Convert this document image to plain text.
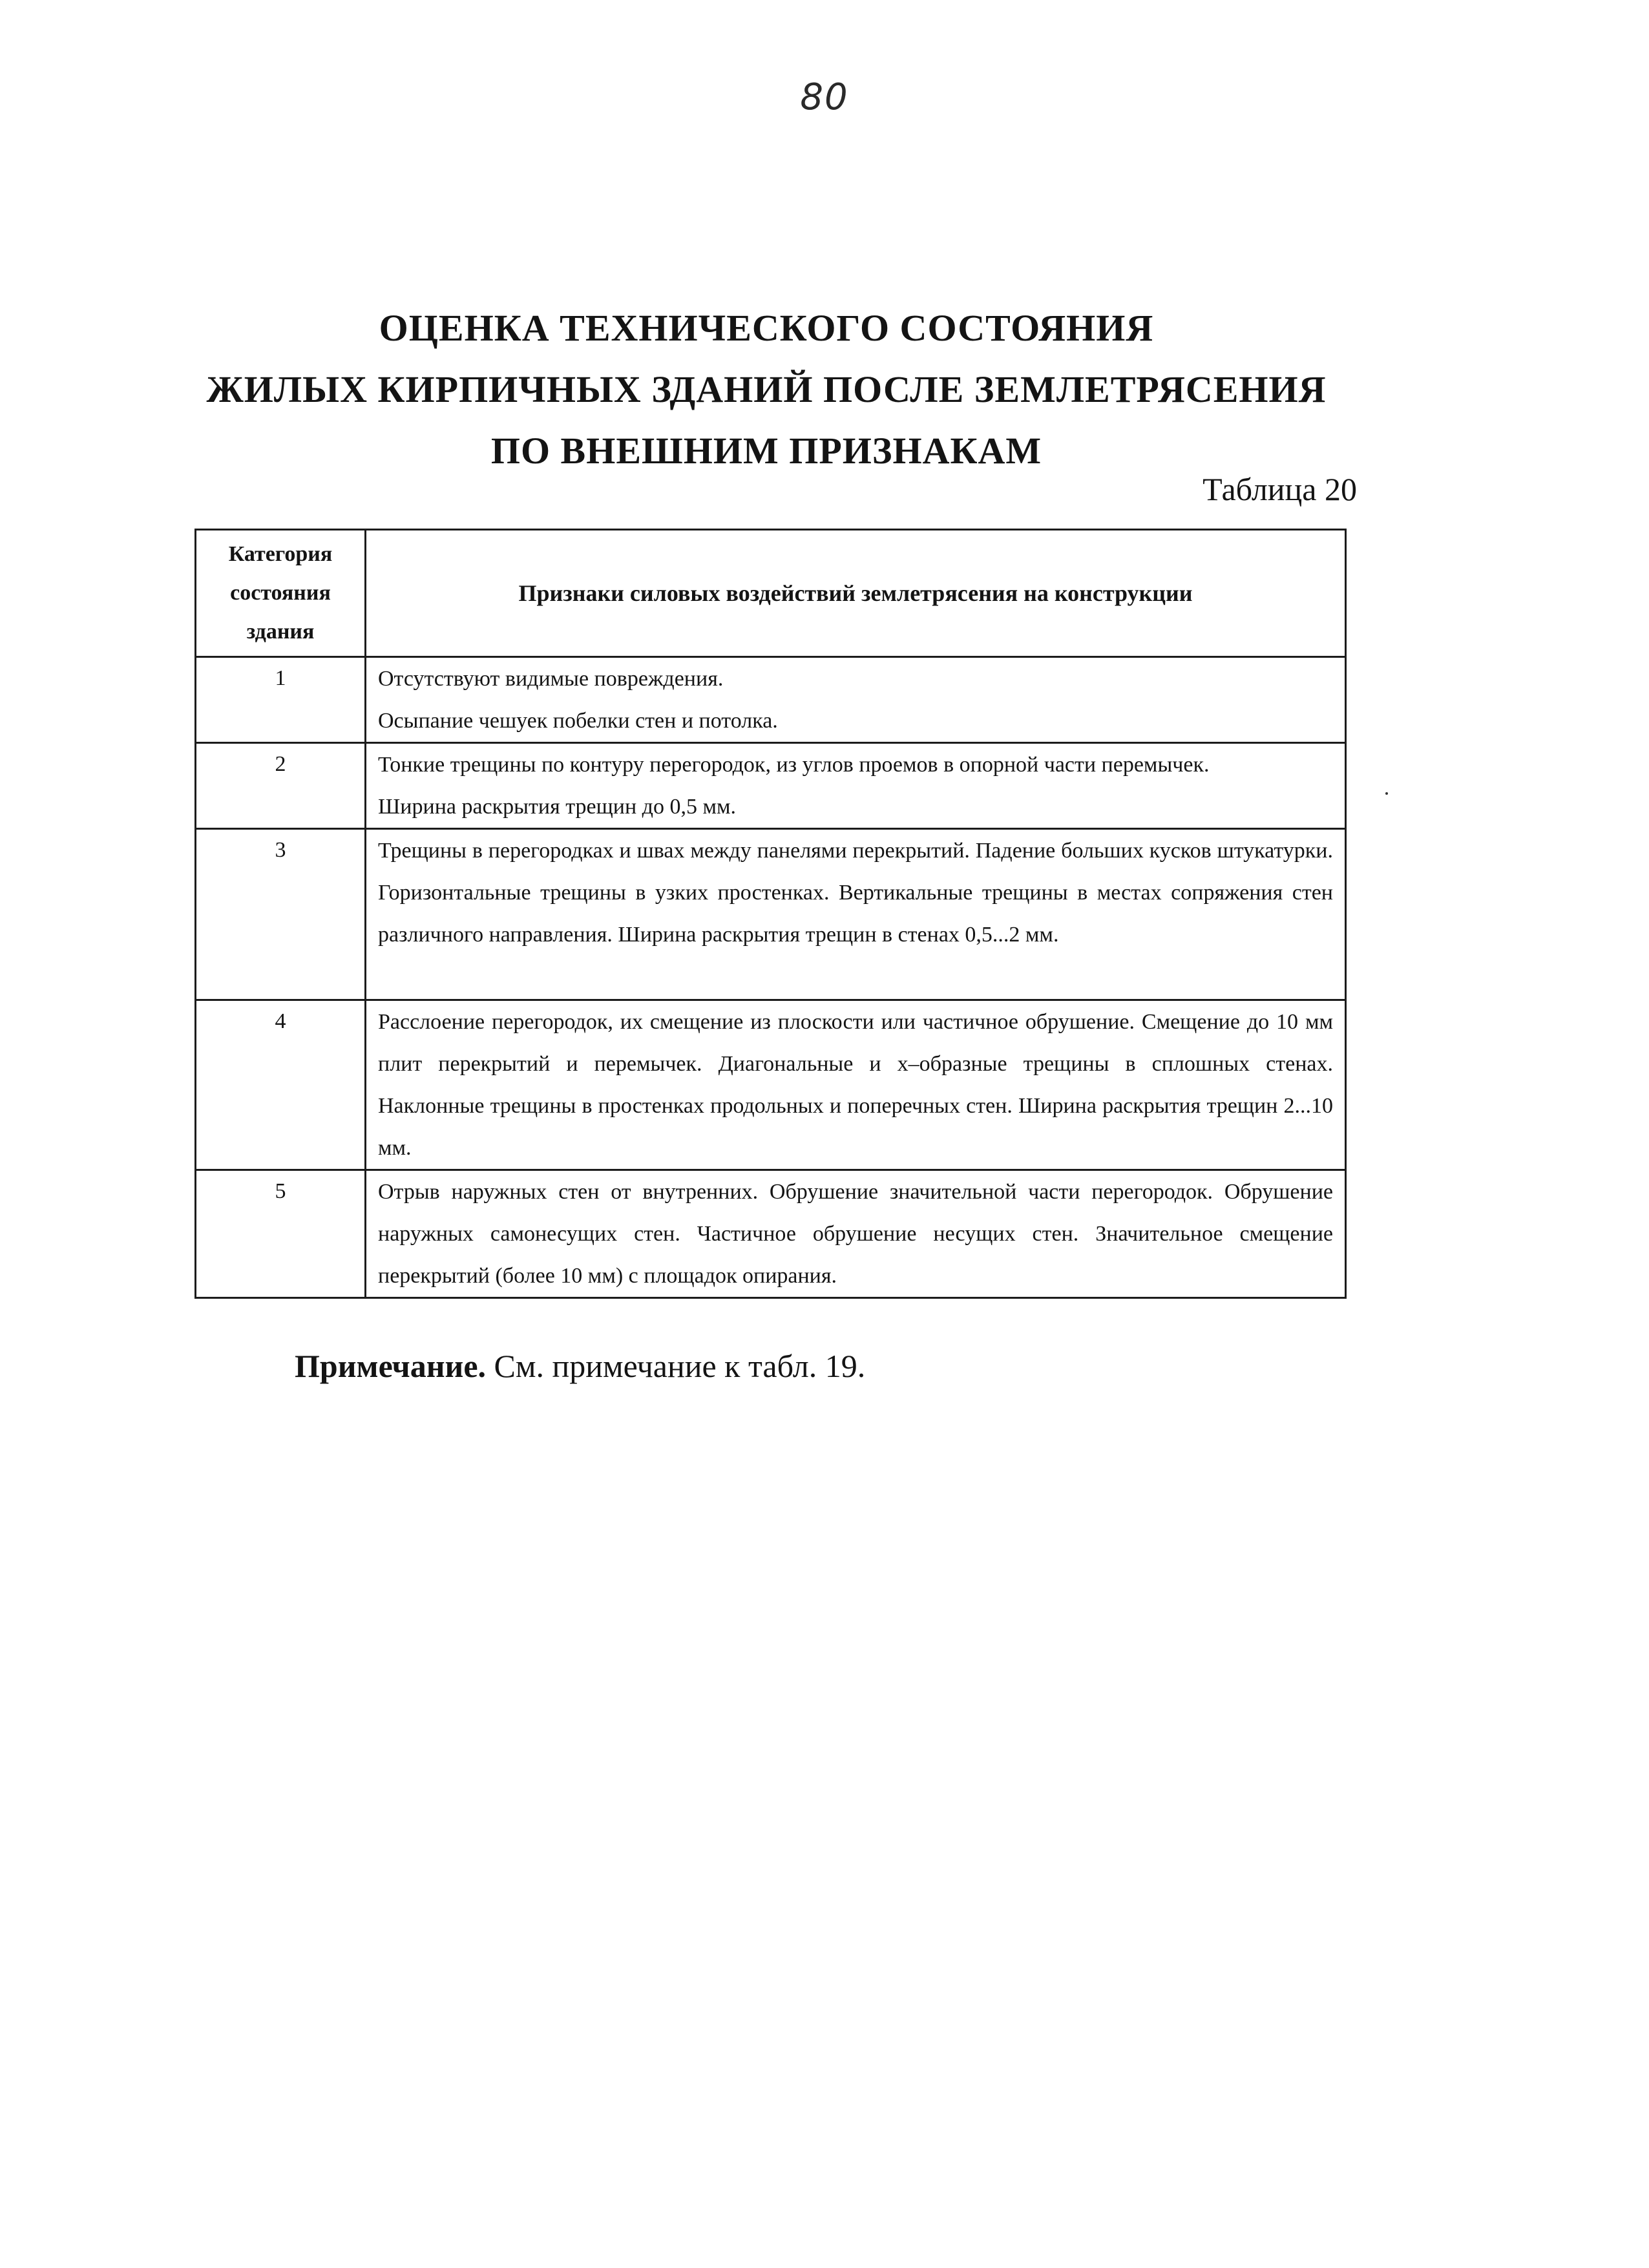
80
ОЦЕНКА ТЕХНИЧЕСКОГО СОСТОЯНИЯ
ЖИЛЫХ КИРПИЧНЫХ ЗДАНИЙ ПОСЛЕ ЗЕМЛЕТРЯСЕНИЯ
ПО ВНЕШНИМ ПРИЗНАКАМ
Таблица 20
Категория
состояния
здания	Признаки силовых воздействий землетрясения на конструкции
1	Отсутствуют видимые повреждения.
Осыпание чешуек побелки стен и потолка.

2	Тонкие трещины по контуру перегородок, из углов проемов в опорной части перемычек.
Ширина раскрытия трещин до 0,5 мм.

3	Трещины в перегородках и швах между панелями перекрытий. Падение больших кусков штукатурки. Горизонтальные трещины в узких простенках. Вертикальные трещины в местах сопряжения стен различного направления. Ширина раскрытия трещин в стенах 0,5...2 мм.
4	Расслоение перегородок, их смещение из плоскости или частичное обрушение. Смещение до 10 мм плит перекрытий и перемычек. Диагональные и х–образные трещины в сплошных стенах. Наклонные трещины в простенках продольных и поперечных стен. Ширина раскрытия трещин 2...10 мм.
5	Отрыв наружных стен от внутренних. Обрушение значительной части перегородок. Обрушение наружных самонесущих стен. Частичное обрушение несущих стен. Значительное смещение перекрытий (более 10 мм) с площадок опирания.
Примечание. См. примечание к табл. 19.
